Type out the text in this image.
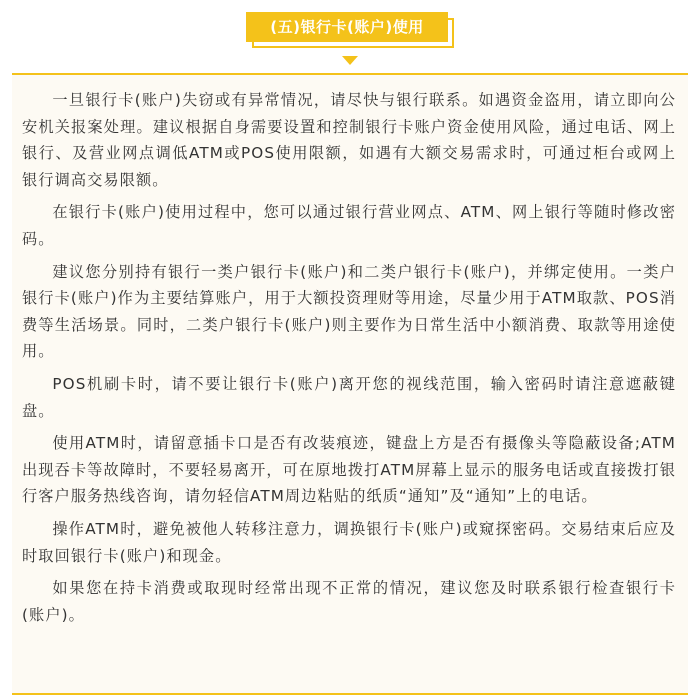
(五)银行卡(账户)使用

一旦银行卡(账户)失窃或有异常情况，请尽快与银行联系。如遇资金盗用，请立即向公安机关报案处理。建议根据自身需要设置和控制银行卡账户资金使用风险，通过电话、网上银行、及营业网点调低ATM或POS使用限额，如遇有大额交易需求时，可通过柜台或网上银行调高交易限额。

在银行卡(账户)使用过程中，您可以通过银行营业网点、ATM、网上银行等随时修改密码。

建议您分别持有银行一类户银行卡(账户)和二类户银行卡(账户)，并绑定使用。一类户银行卡(账户)作为主要结算账户，用于大额投资理财等用途，尽量少用于ATM取款、POS消费等生活场景。同时，二类户银行卡(账户)则主要作为日常生活中小额消费、取款等用途使用。

POS机刷卡时，请不要让银行卡(账户)离开您的视线范围，输入密码时请注意遮蔽键盘。

使用ATM时，请留意插卡口是否有改装痕迹，键盘上方是否有摄像头等隐蔽设备;ATM出现吞卡等故障时，不要轻易离开，可在原地拨打ATM屏幕上显示的服务电话或直接拨打银行客户服务热线咨询，请勿轻信ATM周边粘贴的纸质“通知”及“通知”上的电话。

操作ATM时，避免被他人转移注意力，调换银行卡(账户)或窥探密码。交易结束后应及时取回银行卡(账户)和现金。

如果您在持卡消费或取现时经常出现不正常的情况，建议您及时联系银行检查银行卡(账户)。
